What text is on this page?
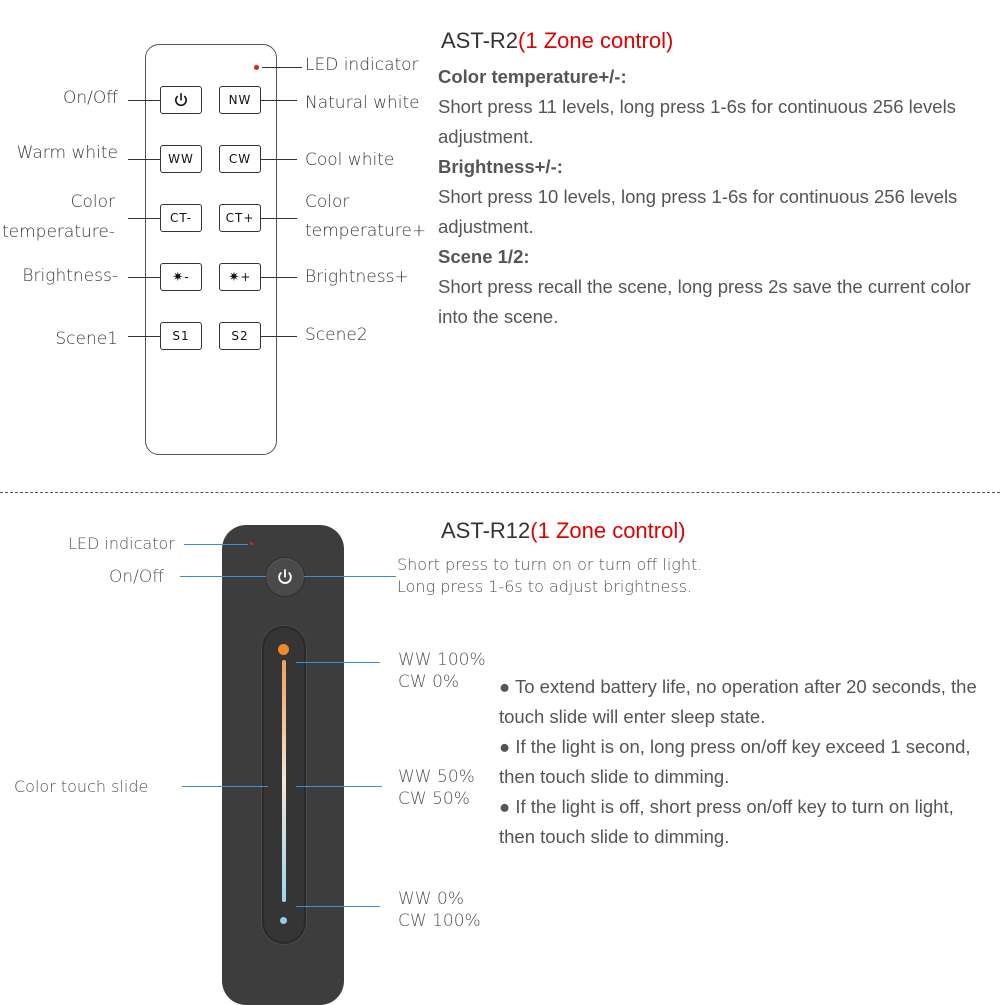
NW
WW	CW
CT-	CT+
✷ -	✷ +
S1	S2
LED indicator
On/Off	Natural white
Warm white	Cool white
Color
temperature-
Color
temperature+
Brightness-	Brightness+
Scene1	Scene2
AST-R2(1 Zone control)
Color temperature+/-:
Short press 11 levels, long press 1-6s for continuous 256 levels adjustment.
Brightness+/-:
Short press 10 levels, long press 1-6s for continuous 256 levels adjustment.
Scene 1/2:
Short press recall the scene, long press 2s save the current color into the scene.
LED indicator
On/Off
Color touch slide
Short press to turn on or turn off light.
Long press 1-6s to adjust brightness.
WW 100%
CW 0%
WW 50%
CW 50%
WW 0%
CW 100%
AST-R12(1 Zone control)
● To extend battery life, no operation after 20 seconds, the touch slide will enter sleep state.
● If the light is on, long press on/off key exceed 1 second, then touch slide to dimming.
● If the light is off, short press on/off key to turn on light, then touch slide to dimming.
